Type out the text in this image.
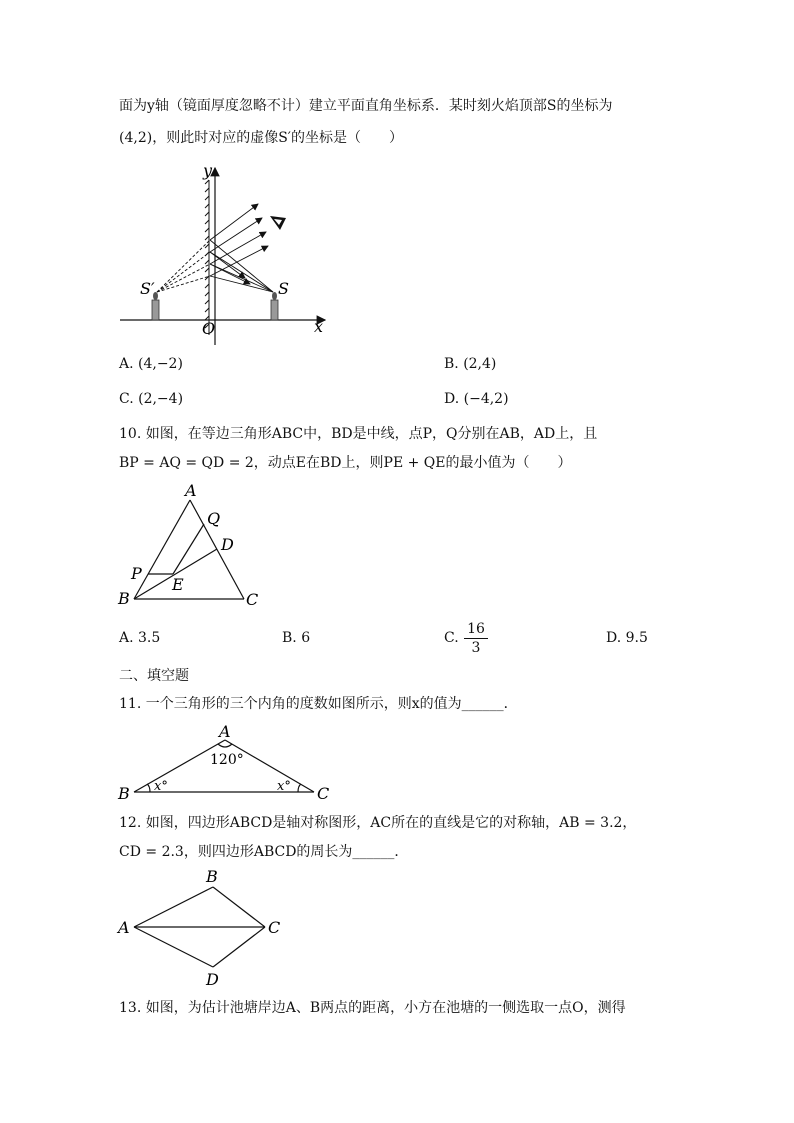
面为y轴（镜面厚度忽略不计）建立平面直角坐标系．某时刻火焰顶部S的坐标为
(4,2)，则此时对应的虚像S′的坐标是（　　）
y
x
O
S
S′
A. (4,−2)	B. (2,4)
C. (2,−4)	D. (−4,2)
10. 如图，在等边三角形ABC中，BD是中线，点P，Q分别在AB，AD上，且
BP = AQ = QD = 2，动点E在BD上，则PE + QE的最小值为（　　）
A
B	C
D
P
Q
E
A. 3.5	B. 6	C. $\frac{16}{3}$	D. 9.5
二、填空题
11. 一个三角形的三个内角的度数如图所示，则x的值为______．
A
B	C
120°
x°	x°
12. 如图，四边形ABCD是轴对称图形，AC所在的直线是它的对称轴，AB = 3.2，
CD = 2.3，则四边形ABCD的周长为______．
B
A	C
D
13. 如图，为估计池塘岸边A、B两点的距离，小方在池塘的一侧选取一点O，测得
